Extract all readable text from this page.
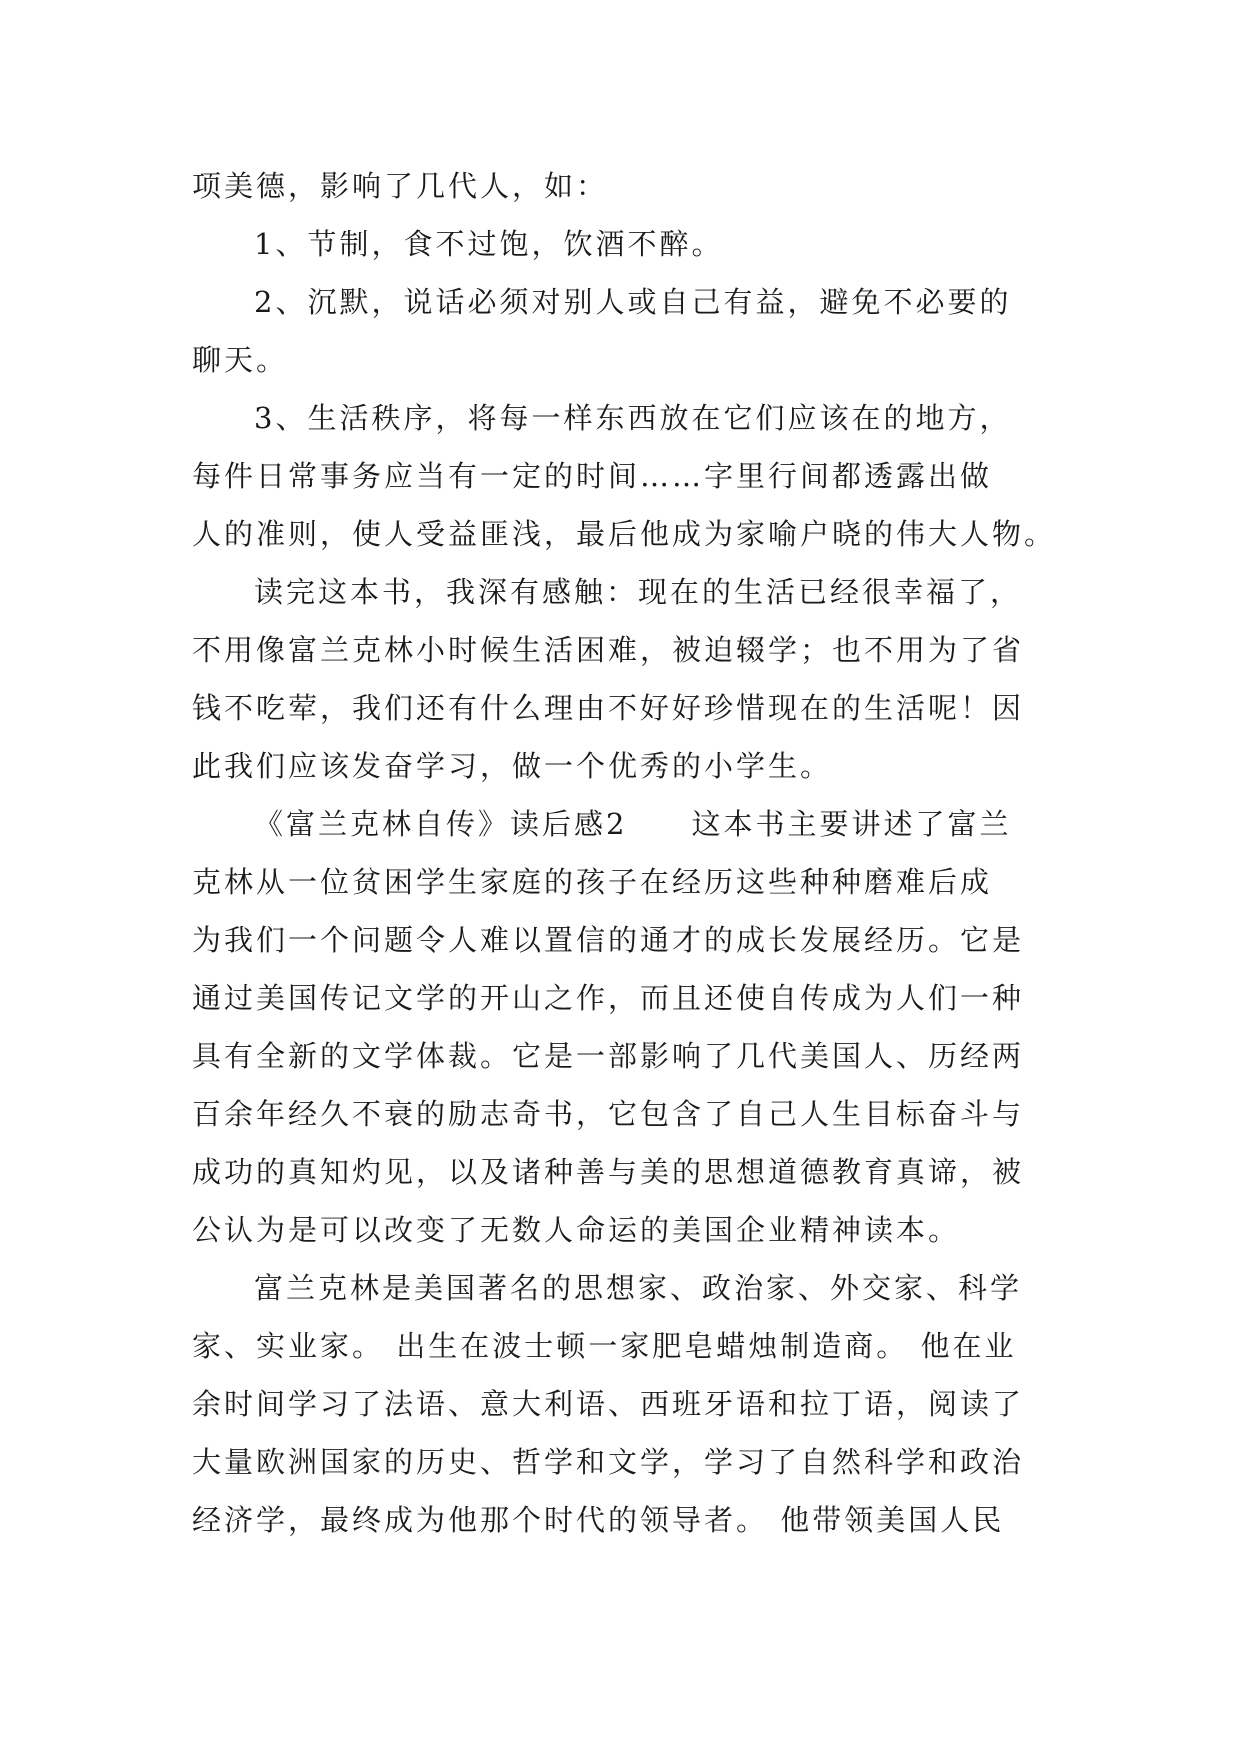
项美德，影响了几代人，如：
1、节制，食不过饱，饮酒不醉。
2、沉默，说话必须对别人或自己有益，避免不必要的
聊天。
3、生活秩序，将每一样东西放在它们应该在的地方，
每件日常事务应当有一定的时间……字里行间都透露出做
人的准则，使人受益匪浅，最后他成为家喻户晓的伟大人物。
读完这本书，我深有感触：现在的生活已经很幸福了，
不用像富兰克林小时候生活困难，被迫辍学；也不用为了省
钱不吃荤，我们还有什么理由不好好珍惜现在的生活呢！因
此我们应该发奋学习，做一个优秀的小学生。
《富兰克林自传》读后感2　　这本书主要讲述了富兰
克林从一位贫困学生家庭的孩子在经历这些种种磨难后成
为我们一个问题令人难以置信的通才的成长发展经历。它是
通过美国传记文学的开山之作，而且还使自传成为人们一种
具有全新的文学体裁。它是一部影响了几代美国人、历经两
百余年经久不衰的励志奇书，它包含了自己人生目标奋斗与
成功的真知灼见，以及诸种善与美的思想道德教育真谛，被
公认为是可以改变了无数人命运的美国企业精神读本。
富兰克林是美国著名的思想家、政治家、外交家、科学
家、实业家。 出生在波士顿一家肥皂蜡烛制造商。 他在业
余时间学习了法语、意大利语、西班牙语和拉丁语，阅读了
大量欧洲国家的历史、哲学和文学，学习了自然科学和政治
经济学，最终成为他那个时代的领导者。 他带领美国人民
